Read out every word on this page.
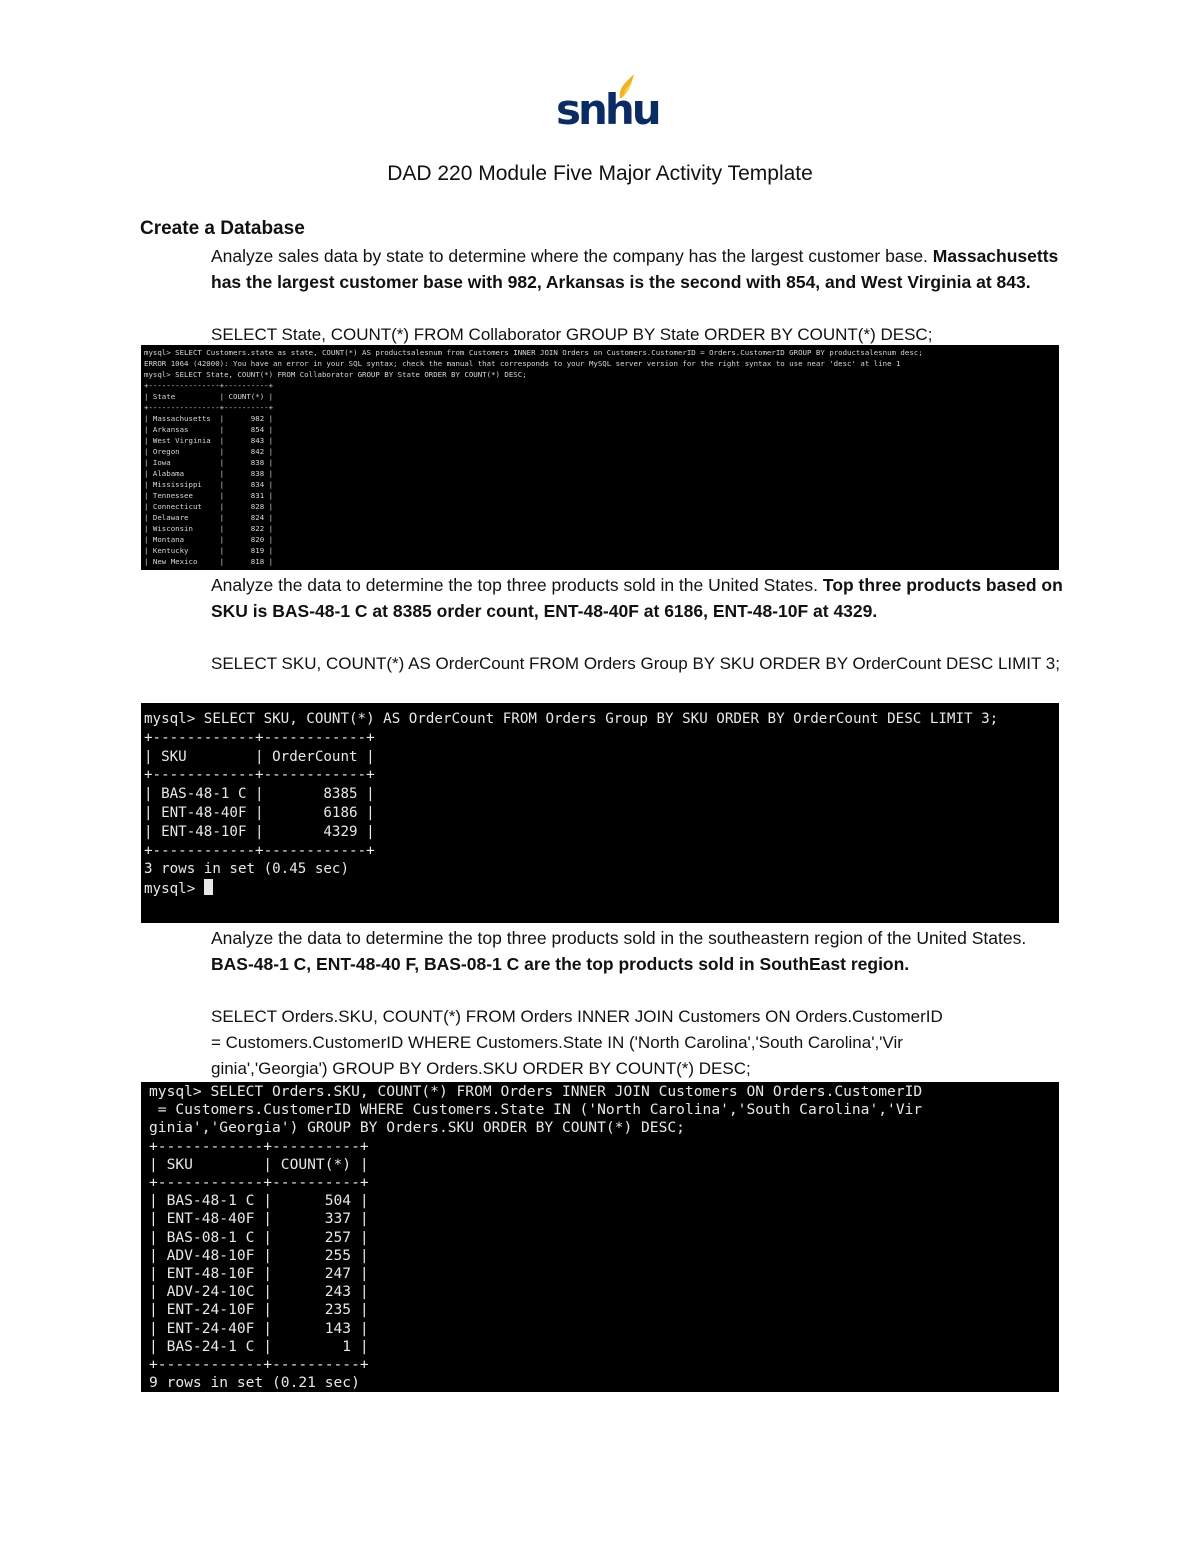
snhu
DAD 220 Module Five Major Activity Template
Create a Database
Analyze sales data by state to determine where the company has the largest customer base. Massachusetts has the largest customer base with 982, Arkansas is the second with 854, and West Virginia at 843.
SELECT State, COUNT(*) FROM Collaborator GROUP BY State ORDER BY COUNT(*) DESC;
mysql> SELECT Customers.state as state, COUNT(*) AS productsalesnum from Customers INNER JOIN Orders on Customers.CustomerID = Orders.CustomerID GROUP BY productsalesnum desc;
ERROR 1064 (42000): You have an error in your SQL syntax; check the manual that corresponds to your MySQL server version for the right syntax to use near 'desc' at line 1
mysql> SELECT State, COUNT(*) FROM Collaborator GROUP BY State ORDER BY COUNT(*) DESC;
+----------------+----------+
| State          | COUNT(*) |
+----------------+----------+
| Massachusetts  |      982 |
| Arkansas       |      854 |
| West Virginia  |      843 |
| Oregon         |      842 |
| Iowa           |      838 |
| Alabama        |      838 |
| Mississippi    |      834 |
| Tennessee      |      831 |
| Connecticut    |      828 |
| Delaware       |      824 |
| Wisconsin      |      822 |
| Montana        |      820 |
| Kentucky       |      819 |
| New Mexico     |      818 |
Analyze the data to determine the top three products sold in the United States. Top three products based on SKU is BAS-48-1 C at 8385 order count, ENT-48-40F at 6186, ENT-48-10F at 4329.
SELECT SKU, COUNT(*) AS OrderCount FROM Orders Group BY SKU ORDER BY OrderCount DESC LIMIT 3;
mysql> SELECT SKU, COUNT(*) AS OrderCount FROM Orders Group BY SKU ORDER BY OrderCount DESC LIMIT 3;
+------------+------------+
| SKU        | OrderCount |
+------------+------------+
| BAS-48-1 C |       8385 |
| ENT-48-40F |       6186 |
| ENT-48-10F |       4329 |
+------------+------------+
3 rows in set (0.45 sec)
mysql>
Analyze the data to determine the top three products sold in the southeastern region of the United States. BAS-48-1 C, ENT-48-40 F, BAS-08-1 C are the top products sold in SouthEast region.
SELECT Orders.SKU, COUNT(*) FROM Orders INNER JOIN Customers ON Orders.CustomerID
= Customers.CustomerID WHERE Customers.State IN ('North Carolina','South Carolina','Vir
ginia','Georgia') GROUP BY Orders.SKU ORDER BY COUNT(*) DESC;
mysql> SELECT Orders.SKU, COUNT(*) FROM Orders INNER JOIN Customers ON Orders.CustomerID
= Customers.CustomerID WHERE Customers.State IN ('North Carolina','South Carolina','Vir
ginia','Georgia') GROUP BY Orders.SKU ORDER BY COUNT(*) DESC;
+------------+----------+
| SKU        | COUNT(*) |
+------------+----------+
| BAS-48-1 C |      504 |
| ENT-48-40F |      337 |
| BAS-08-1 C |      257 |
| ADV-48-10F |      255 |
| ENT-48-10F |      247 |
| ADV-24-10C |      243 |
| ENT-24-10F |      235 |
| ENT-24-40F |      143 |
| BAS-24-1 C |        1 |
+------------+----------+
9 rows in set (0.21 sec)
